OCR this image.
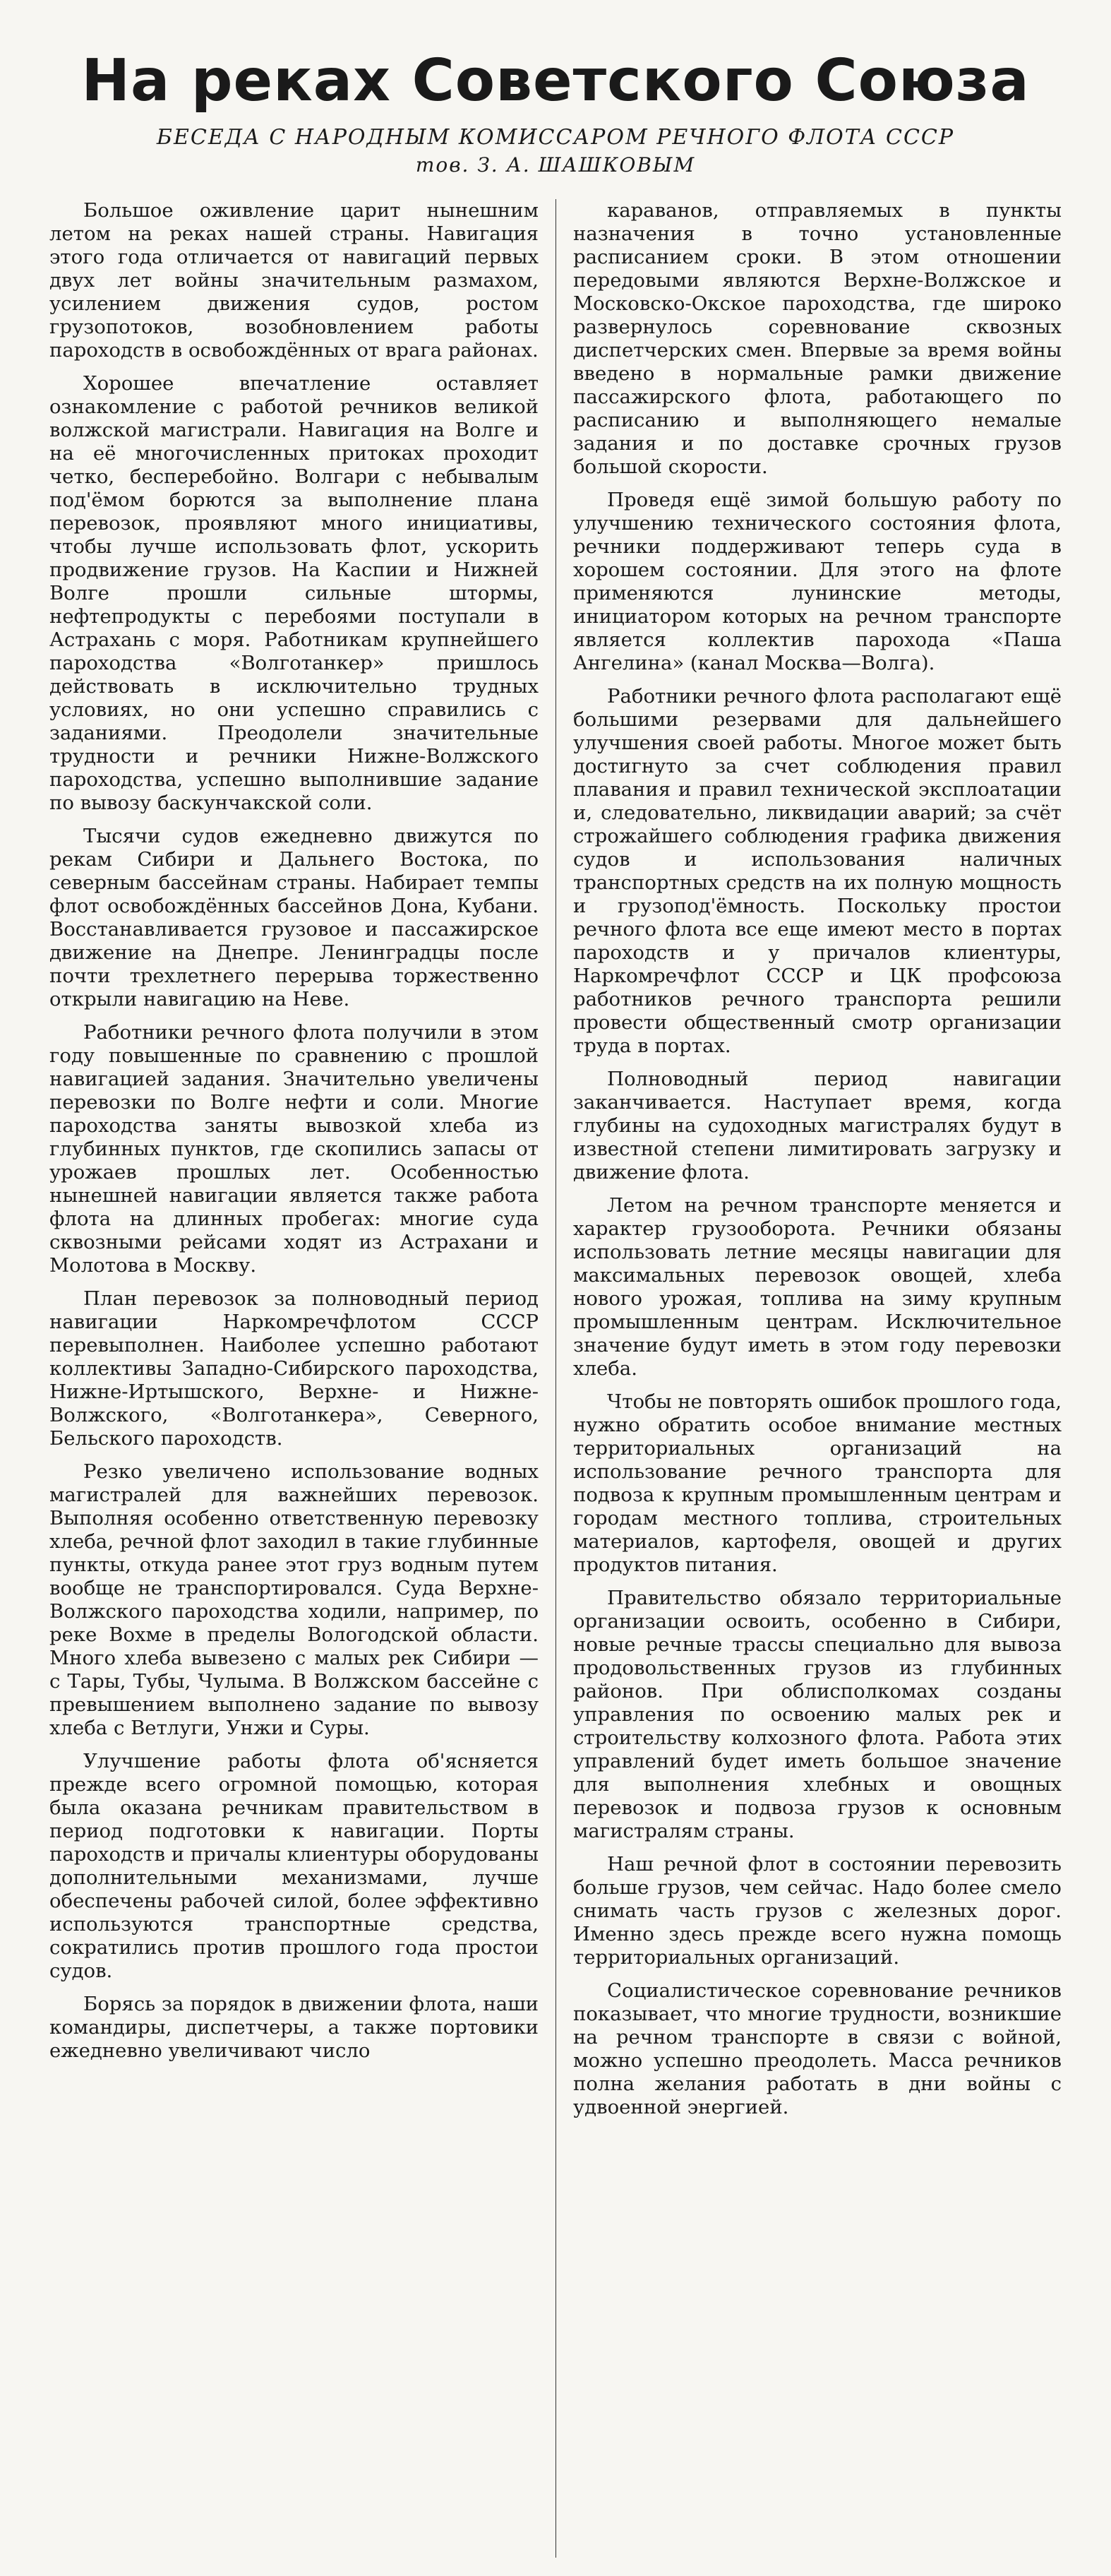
На реках Советского Союза

БЕСЕДА С НАРОДНЫМ КОМИССАРОМ РЕЧНОГО ФЛОТА СССР

тов. З. А. ШАШКОВЫМ

Большое оживление царит нынешним летом на реках нашей страны. Навигация этого года отличается от навигаций первых двух лет войны значительным размахом, усилением движения судов, ростом грузопотоков, возобновлением работы пароходств в освобождённых от врага районах.

Хорошее впечатление оставляет ознакомление с работой речников великой волжской магистрали. Навигация на Волге и на её многочисленных притоках проходит четко, бесперебойно. Волгари с небывалым под'ёмом борются за выполнение плана перевозок, проявляют много инициативы, чтобы лучше использовать флот, ускорить продвижение грузов. На Каспии и Нижней Волге прошли сильные штормы, нефтепродукты с перебоями поступали в Астрахань с моря. Работникам крупнейшего пароходства «Волготанкер» пришлось действовать в исключительно трудных условиях, но они успешно справились с заданиями. Преодолели значительные трудности и речники Нижне-Волжского пароходства, успешно выполнившие задание по вывозу баскунчакской соли.

Тысячи судов ежедневно движутся по рекам Сибири и Дальнего Востока, по северным бассейнам страны. Набирает темпы флот освобождённых бассейнов Дона, Кубани. Восстанавливается грузовое и пассажирское движение на Днепре. Ленинградцы после почти трехлетнего перерыва торжественно открыли навигацию на Неве.

Работники речного флота получили в этом году повышенные по сравнению с прошлой навигацией задания. Значительно увеличены перевозки по Волге нефти и соли. Многие пароходства заняты вывозкой хлеба из глубинных пунктов, где скопились запасы от урожаев прошлых лет. Особенностью нынешней навигации является также работа флота на длинных пробегах: многие суда сквозными рейсами ходят из Астрахани и Молотова в Москву.

План перевозок за полноводный период навигации Наркомречфлотом СССР перевыполнен. Наиболее успешно работают коллективы Западно-Сибирского пароходства, Нижне-Иртышского, Верхне- и Нижне-Волжского, «Волготанкера», Северного, Бельского пароходств.

Резко увеличено использование водных магистралей для важнейших перевозок. Выполняя особенно ответственную перевозку хлеба, речной флот заходил в такие глубинные пункты, откуда ранее этот груз водным путем вообще не транспортировался. Суда Верхне-Волжского пароходства ходили, например, по реке Вохме в пределы Вологодской области. Много хлеба вывезено с малых рек Сибири — с Тары, Тубы, Чулыма. В Волжском бассейне с превышением выполнено задание по вывозу хлеба с Ветлуги, Унжи и Суры.

Улучшение работы флота об'ясняется прежде всего огромной помощью, которая была оказана речникам правительством в период подготовки к навигации. Порты пароходств и причалы клиентуры оборудованы дополнительными механизмами, лучше обеспечены рабочей силой, более эффективно используются транспортные средства, сократились против прошлого года простои судов.

Борясь за порядок в движении флота, наши командиры, диспетчеры, а также портовики ежедневно увеличивают число

караванов, отправляемых в пункты назначения в точно установленные расписанием сроки. В этом отношении передовыми являются Верхне-Волжское и Московско-Окское пароходства, где широко развернулось соревнование сквозных диспетчерских смен. Впервые за время войны введено в нормальные рамки движение пассажирского флота, работающего по расписанию и выполняющего немалые задания и по доставке срочных грузов большой скорости.

Проведя ещё зимой большую работу по улучшению технического состояния флота, речники поддерживают теперь суда в хорошем состоянии. Для этого на флоте применяются лунинские методы, инициатором которых на речном транспорте является коллектив парохода «Паша Ангелина» (канал Москва—Волга).

Работники речного флота располагают ещё большими резервами для дальнейшего улучшения своей работы. Многое может быть достигнуто за счет соблюдения правил плавания и правил технической эксплоатации и, следовательно, ликвидации аварий; за счёт строжайшего соблюдения графика движения судов и использования наличных транспортных средств на их полную мощность и грузопод'ёмность. Поскольку простои речного флота все еще имеют место в портах пароходств и у причалов клиентуры, Наркомречфлот СССР и ЦК профсоюза работников речного транспорта решили провести общественный смотр организации труда в портах.

Полноводный период навигации заканчивается. Наступает время, когда глубины на судоходных магистралях будут в известной степени лимитировать загрузку и движение флота.

Летом на речном транспорте меняется и характер грузооборота. Речники обязаны использовать летние месяцы навигации для максимальных перевозок овощей, хлеба нового урожая, топлива на зиму крупным промышленным центрам. Исключительное значение будут иметь в этом году перевозки хлеба.

Чтобы не повторять ошибок прошлого года, нужно обратить особое внимание местных территориальных организаций на использование речного транспорта для подвоза к крупным промышленным центрам и городам местного топлива, строительных материалов, картофеля, овощей и других продуктов питания.

Правительство обязало территориальные организации освоить, особенно в Сибири, новые речные трассы специально для вывоза продовольственных грузов из глубинных районов. При облисполкомах созданы управления по освоению малых рек и строительству колхозного флота. Работа этих управлений будет иметь большое значение для выполнения хлебных и овощных перевозок и подвоза грузов к основным магистралям страны.

Наш речной флот в состоянии перевозить больше грузов, чем сейчас. Надо более смело снимать часть грузов с железных дорог. Именно здесь прежде всего нужна помощь территориальных организаций.

Социалистическое соревнование речников показывает, что многие трудности, возникшие на речном транспорте в связи с войной, можно успешно преодолеть. Масса речников полна желания работать в дни войны с удвоенной энергией.
